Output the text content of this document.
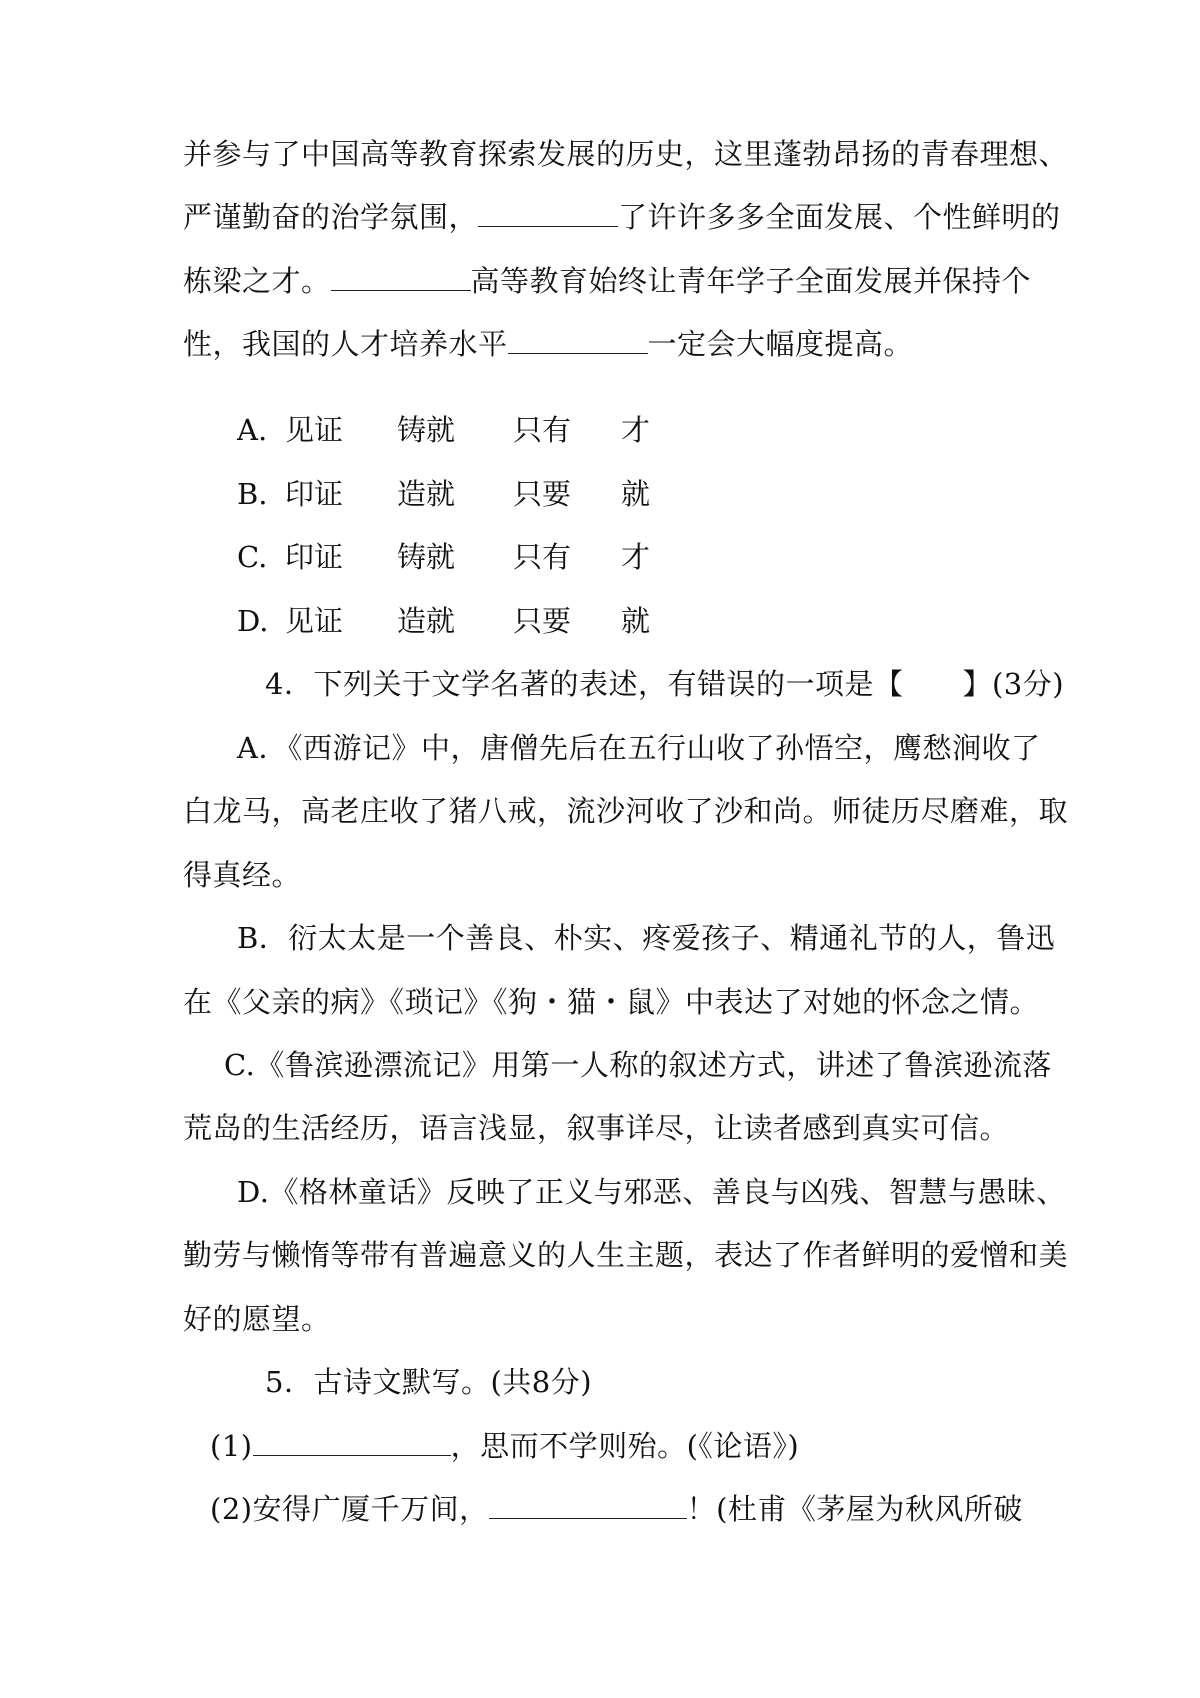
并参与了中国高等教育探索发展的历史，这里蓬勃昂扬的青春理想、
严谨勤奋的治学氛围，	了许许多多全面发展、个性鲜明的
栋梁之才。	高等教育始终让青年学子全面发展并保持个
性，我国的人才培养水平	一定会大幅度提高。
A. 见证 铸就 只有 才
B. 印证 造就 只要 就
C. 印证 铸就 只有 才
D. 见证 造就 只要 就
4．下列关于文学名著的表述，有错误的一项是【　　】(3分)
A．《西游记》中，唐僧先后在五行山收了孙悟空，鹰愁涧收了
白龙马，高老庄收了猪八戒，流沙河收了沙和尚。师徒历尽磨难，取
得真经。
B．衍太太是一个善良、朴实、疼爱孩子、精通礼节的人，鲁迅
在《父亲的病》《琐记》《狗・猫・鼠》中表达了对她的怀念之情。
C.《鲁滨逊漂流记》用第一人称的叙述方式，讲述了鲁滨逊流落
荒岛的生活经历，语言浅显，叙事详尽，让读者感到真实可信。
D.《格林童话》反映了正义与邪恶、善良与凶残、智慧与愚昧、
勤劳与懒惰等带有普遍意义的人生主题，表达了作者鲜明的爱憎和美
好的愿望。
5．古诗文默写。(共8分)
(1)	，思而不学则殆。(《论语》)
(2)安得广厦千万间，	！(杜甫《茅屋为秋风所破
